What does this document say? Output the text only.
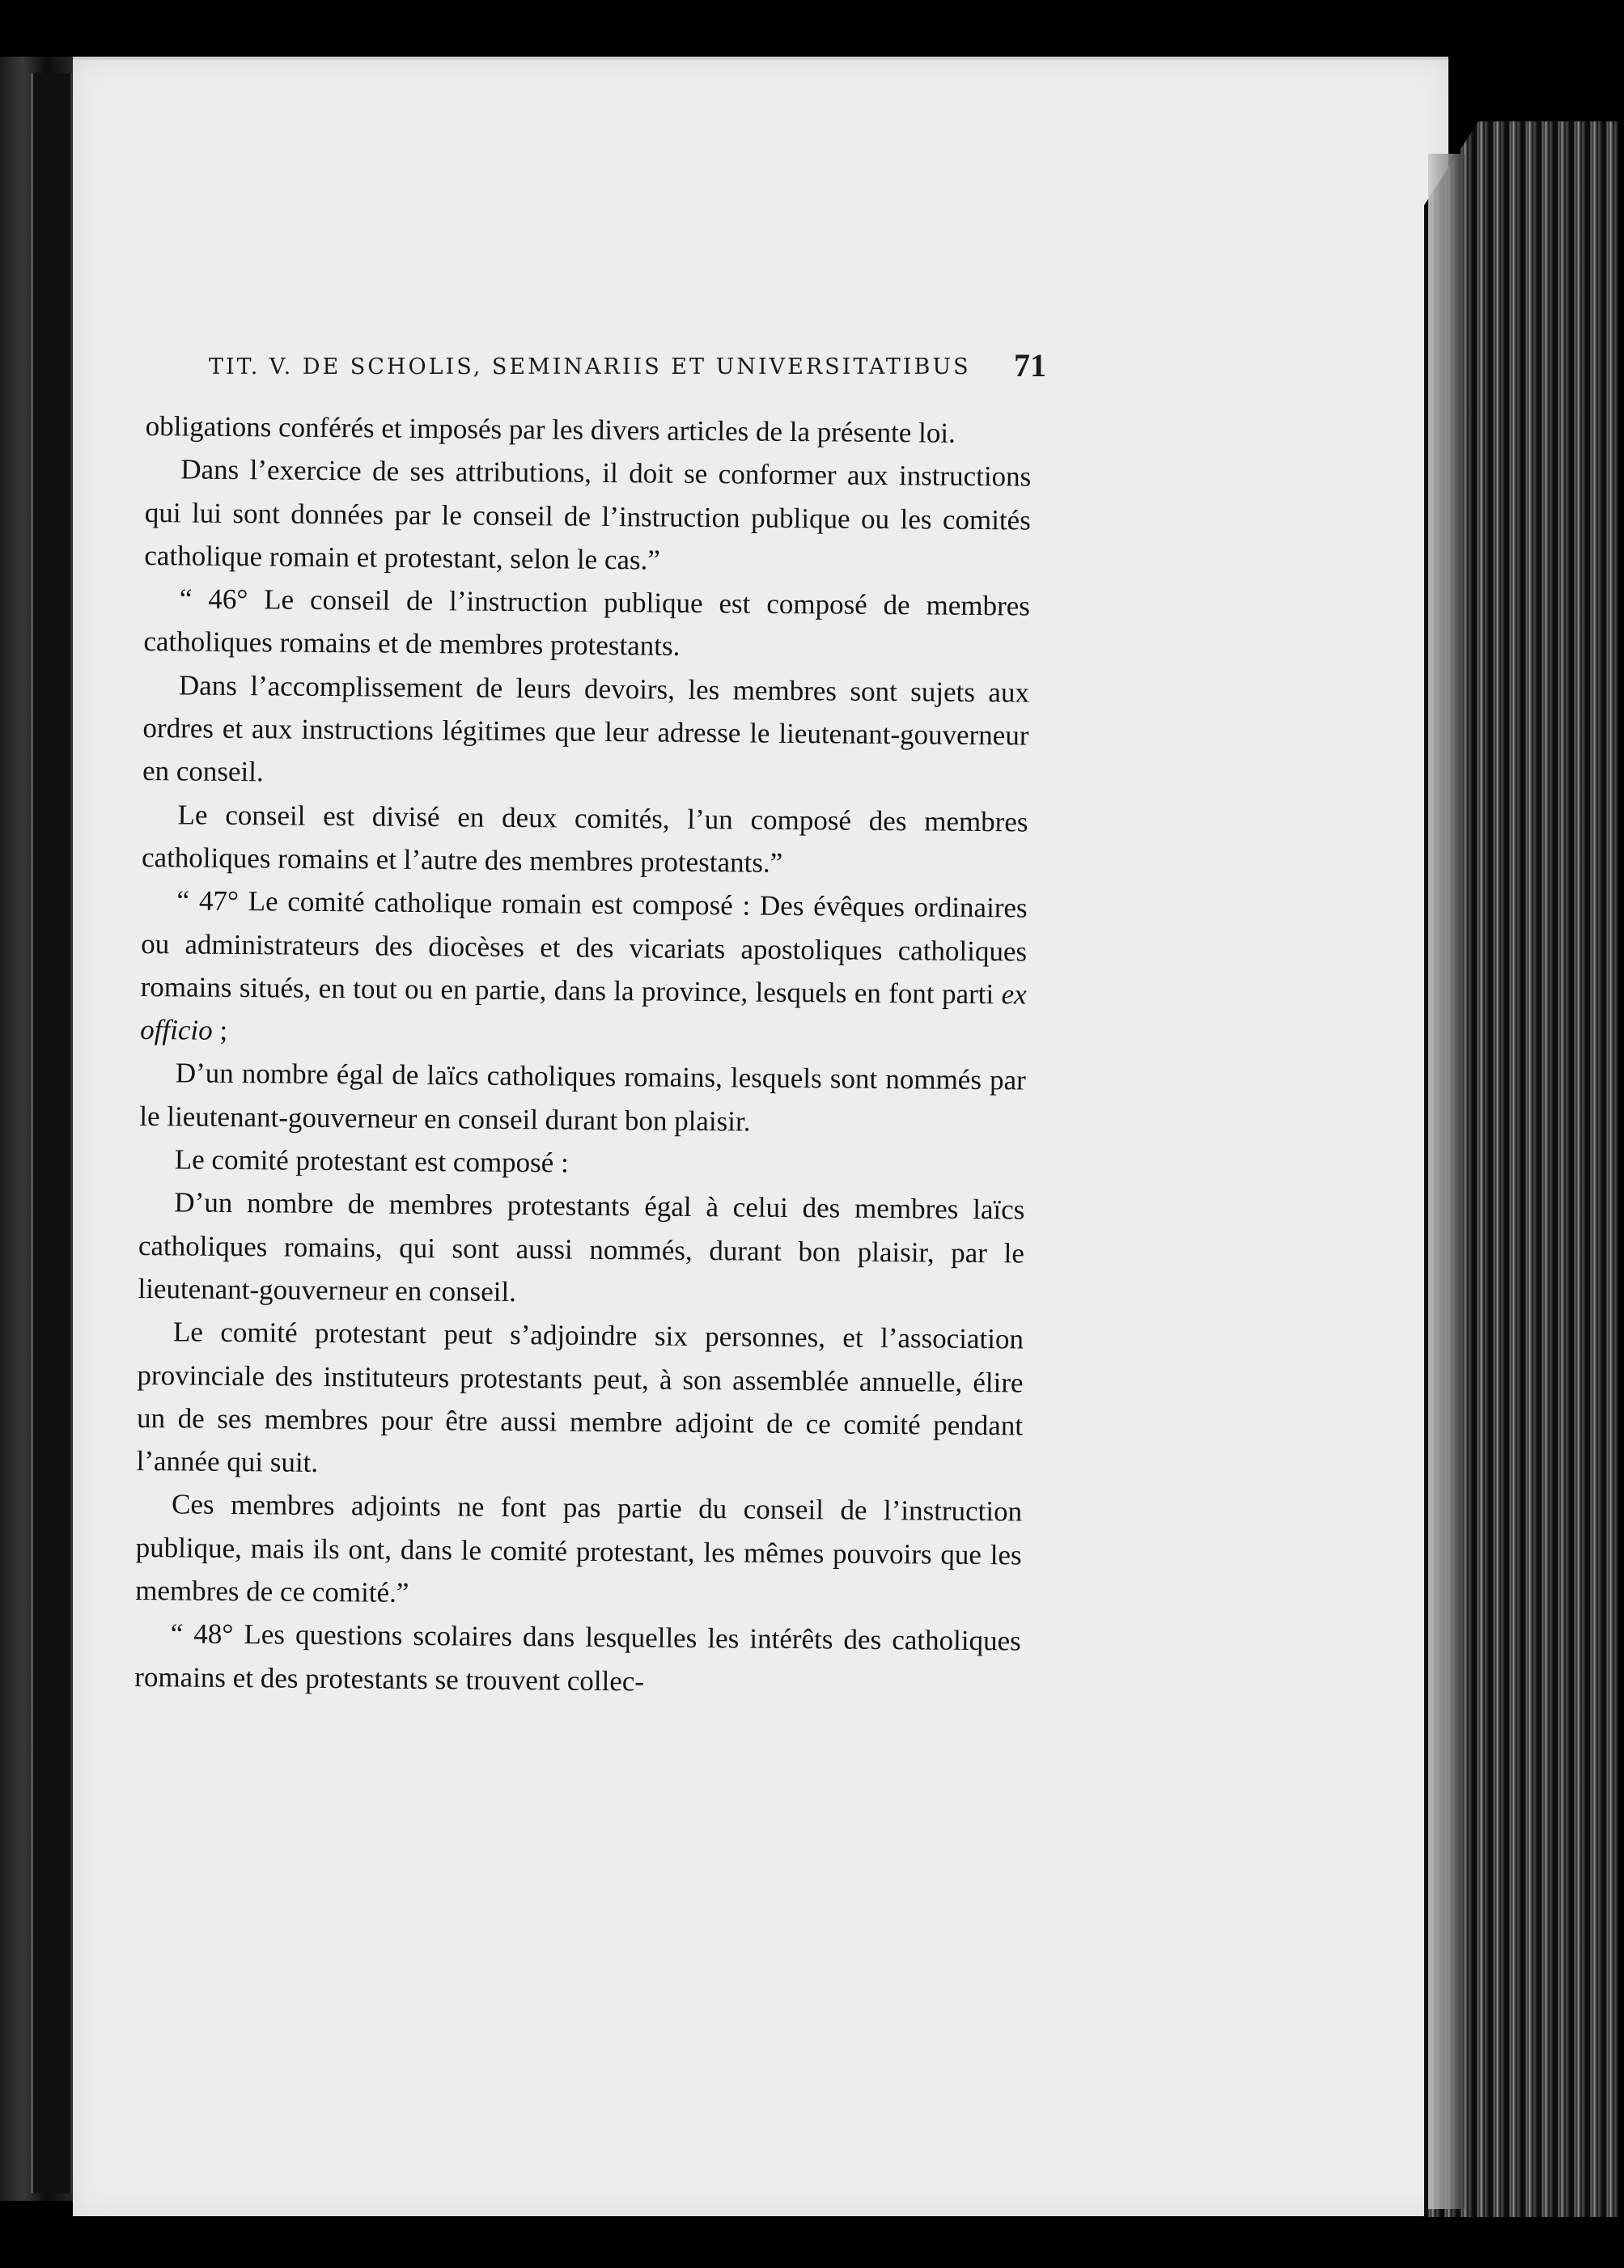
TIT. V. DE SCHOLIS, SEMINARIIS ET UNIVERSITATIBUS 71

obligations conférés et imposés par les divers articles de la présente loi.

Dans l’exercice de ses attributions, il doit se conformer aux instructions qui lui sont données par le conseil de l’instruction publique ou les comités catholique romain et protestant, selon le cas.”

“ 46° Le conseil de l’instruction publique est composé de membres catholiques romains et de membres protestants.

Dans l’accomplissement de leurs devoirs, les membres sont sujets aux ordres et aux instructions légitimes que leur adresse le lieutenant-gouverneur en conseil.

Le conseil est divisé en deux comités, l’un composé des membres catholiques romains et l’autre des membres protestants.”

“ 47° Le comité catholique romain est composé : Des évêques ordinaires ou administrateurs des diocèses et des vicariats apostoliques catholiques romains situés, en tout ou en partie, dans la province, lesquels en font parti ex officio ;

D’un nombre égal de laïcs catholiques romains, lesquels sont nommés par le lieutenant-gouverneur en conseil durant bon plaisir.

Le comité protestant est composé :

D’un nombre de membres protestants égal à celui des membres laïcs catholiques romains, qui sont aussi nommés, durant bon plaisir, par le lieutenant-gouverneur en conseil.

Le comité protestant peut s’adjoindre six personnes, et l’association provinciale des instituteurs protestants peut, à son assemblée annuelle, élire un de ses membres pour être aussi membre adjoint de ce comité pendant l’année qui suit.

Ces membres adjoints ne font pas partie du conseil de l’instruction publique, mais ils ont, dans le comité protestant, les mêmes pouvoirs que les membres de ce comité.”

“ 48° Les questions scolaires dans lesquelles les intérêts des catholiques romains et des protestants se trouvent collec-
